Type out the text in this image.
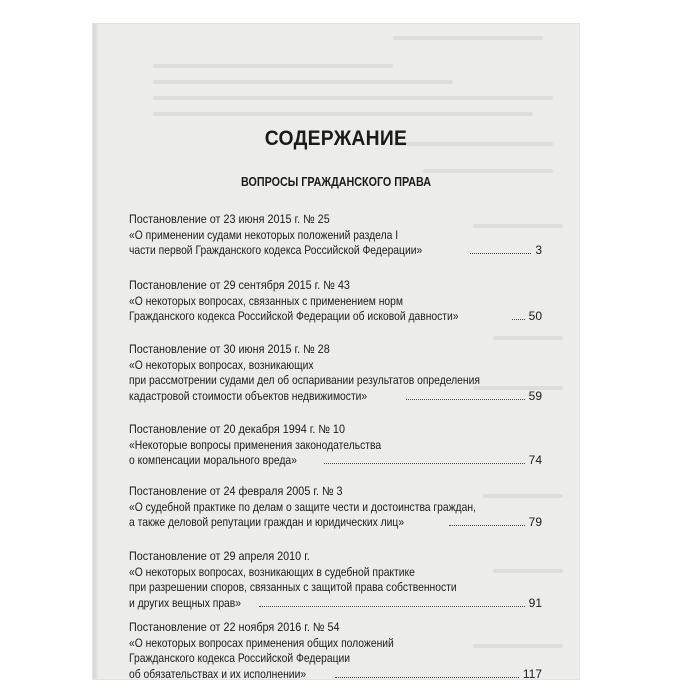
СОДЕРЖАНИЕ
ВОПРОСЫ ГРАЖДАНСКОГО ПРАВА
Постановление от 23 июня 2015 г. № 25
«О применении судами некоторых положений раздела I
части первой Гражданского кодекса Российской Федерации»	3
Постановление от 29 сентября 2015 г. № 43
«О некоторых вопросах, связанных с применением норм
Гражданского кодекса Российской Федерации об исковой давности»	50
Постановление от 30 июня 2015 г. № 28
«О некоторых вопросах, возникающих
при рассмотрении судами дел об оспаривании результатов определения
кадастровой стоимости объектов недвижимости»	59
Постановление от 20 декабря 1994 г. № 10
«Некоторые вопросы применения законодательства
о компенсации морального вреда»	74
Постановление от 24 февраля 2005 г. № 3
«О судебной практике по делам о защите чести и достоинства граждан,
а также деловой репутации граждан и юридических лиц»	79
Постановление от 29 апреля 2010 г.
«О некоторых вопросах, возникающих в судебной практике
при разрешении споров, связанных с защитой права собственности
и других вещных прав»	91
Постановление от 22 ноября 2016 г. № 54
«О некоторых вопросах применения общих положений
Гражданского кодекса Российской Федерации
об обязательствах и их исполнении»	117
